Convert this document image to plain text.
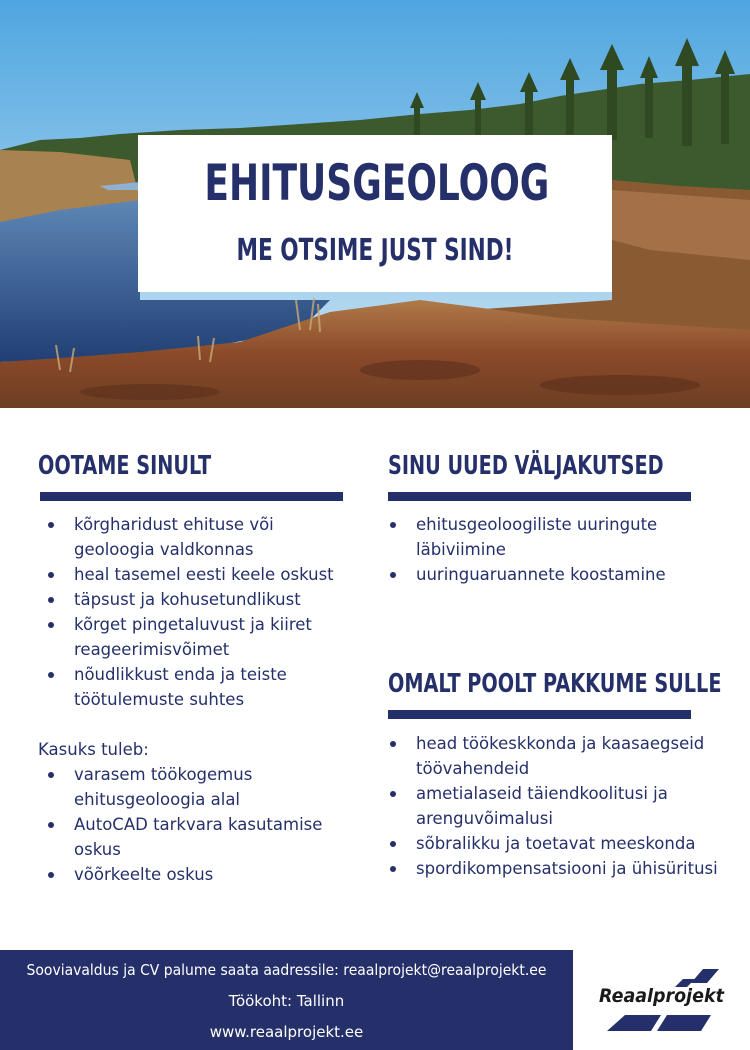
EHITUSGEOLOOG
ME OTSIME JUST SIND!
OOTAME SINULT
kõrgharidust ehituse või geoloogia valdkonnas
heal tasemel eesti keele oskust
täpsust ja kohusetundlikust
kõrget pingetaluvust ja kiiret reageerimisvõimet
nõudlikkust enda ja teiste töötulemuste suhtes
Kasuks tuleb:
varasem töökogemus ehitusgeoloogia alal
AutoCAD tarkvara kasutamise oskus
võõrkeelte oskus
SINU UUED VÄLJAKUTSED
ehitusgeoloogiliste uuringute läbiviimine
uuringuaruannete koostamine
OMALT POOLT PAKKUME SULLE
head töökeskkonda ja kaasaegseid töövahendeid
ametialaseid täiendkoolitusi ja arenguvõimalusi
sõbralikku ja toetavat meeskonda
spordikompensatsiooni ja ühisüritusi
Sooviavaldus ja CV palume saata aadressile: reaalprojekt@reaalprojekt.ee
Töökoht: Tallinn
www.reaalprojekt.ee
Reaalprojekt
